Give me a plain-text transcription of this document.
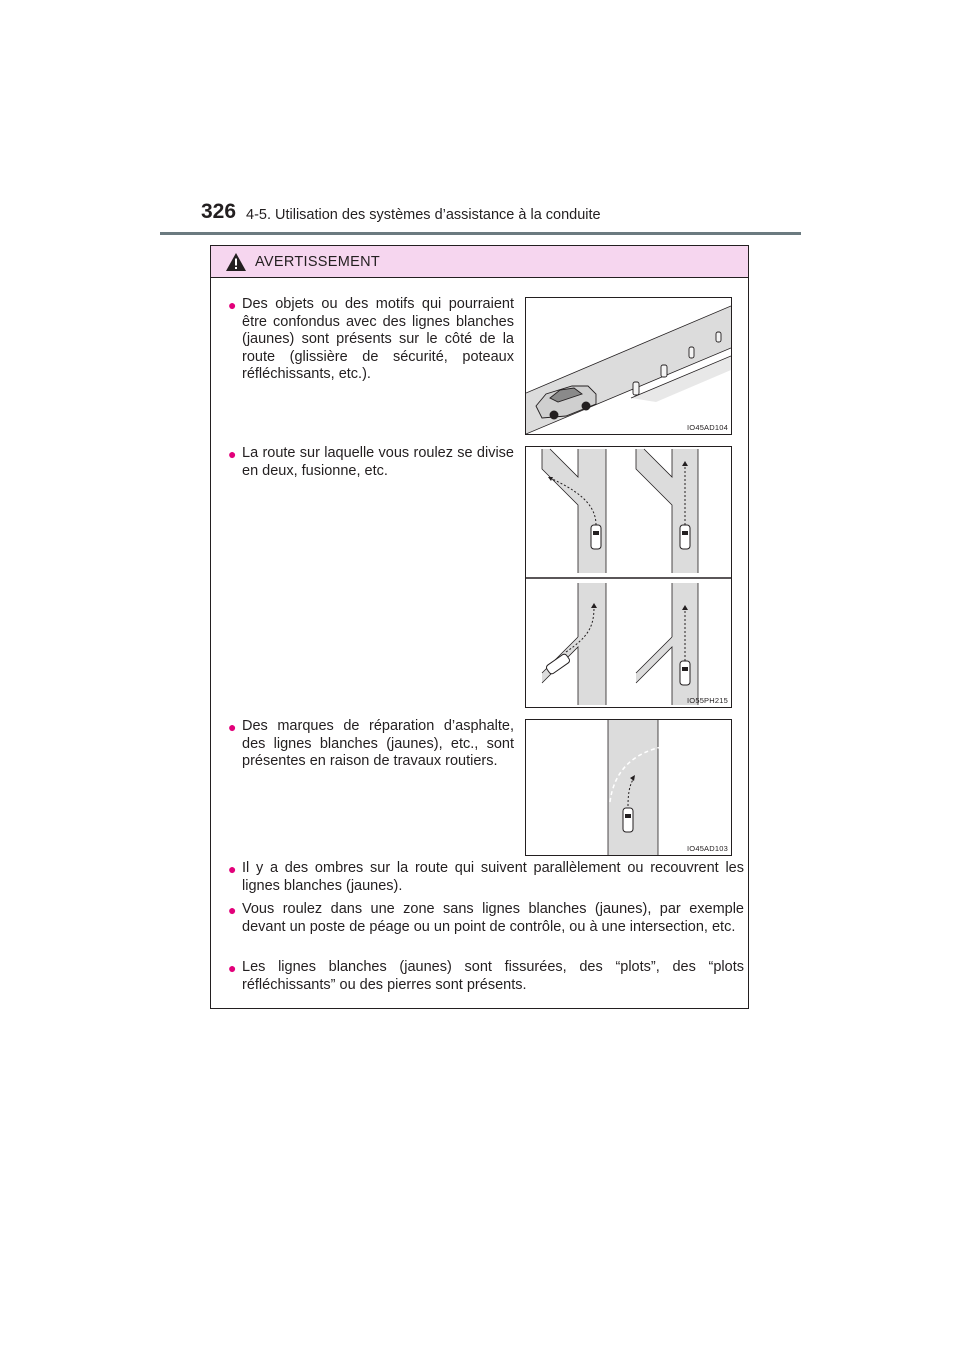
326 4-5. Utilisation des systèmes d’assistance à la conduite
AVERTISSEMENT
● Des objets ou des motifs qui pourraient être confondus avec des lignes blanches (jaunes) sont présents sur le côté de la route (glissière de sécurité, poteaux réfléchissants, etc.).
● La route sur laquelle vous roulez se divise en deux, fusionne, etc.
● Des marques de réparation d’asphalte, des lignes blanches (jaunes), etc., sont présentes en raison de travaux routiers.
● Il y a des ombres sur la route qui suivent parallèlement ou recouvrent les lignes blanches (jaunes).
● Vous roulez dans une zone sans lignes blanches (jaunes), par exemple devant un poste de péage ou un point de contrôle, ou à une intersection, etc.
● Les lignes blanches (jaunes) sont fissurées, des “plots”, des “plots réfléchissants” ou des pierres sont présents.
IO45AD104
IO55PH215
IO45AD103
